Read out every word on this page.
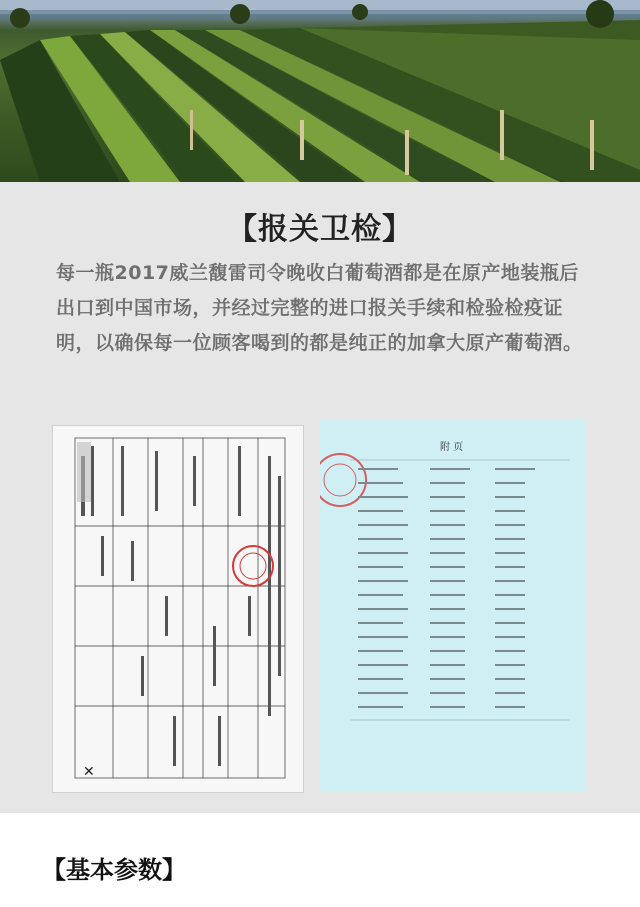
【报关卫检】
每一瓶2017威兰馥雷司令晚收白葡萄酒都是在原产地装瓶后出口到中国市场，并经过完整的进口报关手续和检验检疫证明，以确保每一位顾客喝到的都是纯正的加拿大原产葡萄酒。
✕
附 页
【基本参数】
